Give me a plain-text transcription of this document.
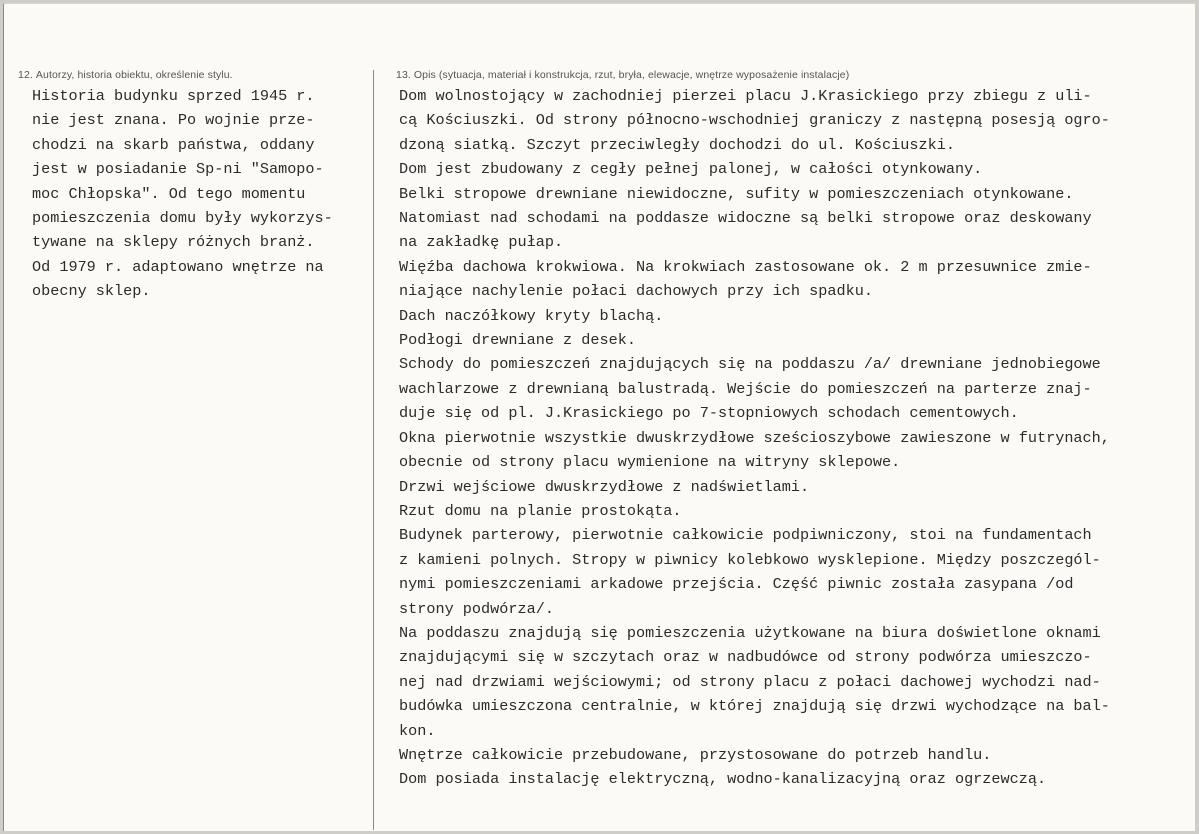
12. Autorzy, historia obiektu, określenie stylu.
Historia budynku sprzed 1945 r.
nie jest znana. Po wojnie prze-
chodzi na skarb państwa, oddany
jest w posiadanie Sp-ni "Samopo-
moc Chłopska". Od tego momentu
pomieszczenia domu były wykorzys-
tywane na sklepy różnych branż.
Od 1979 r. adaptowano wnętrze na
obecny sklep.
13. Opis (sytuacja, materiał i konstrukcja, rzut, bryła, elewacje, wnętrze wyposażenie instalacje)
Dom wolnostojący w zachodniej pierzei placu J.Krasickiego przy zbiegu z uli-
cą Kościuszki. Od strony północno-wschodniej graniczy z następną posesją ogro-
dzoną siatką. Szczyt przeciwległy dochodzi do ul. Kościuszki.
Dom jest zbudowany z cegły pełnej palonej, w całości otynkowany.
Belki stropowe drewniane niewidoczne, sufity w pomieszczeniach otynkowane.
Natomiast nad schodami na poddasze widoczne są belki stropowe oraz deskowany
na zakładkę pułap.
Więźba dachowa krokwiowa. Na krokwiach zastosowane ok. 2 m przesuwnice zmie-
niające nachylenie połaci dachowych przy ich spadku.
Dach naczółkowy kryty blachą.
Podłogi drewniane z desek.
Schody do pomieszczeń znajdujących się na poddaszu /a/ drewniane jednobiegowe
wachlarzowe z drewnianą balustradą. Wejście do pomieszczeń na parterze znaj-
duje się od pl. J.Krasickiego po 7-stopniowych schodach cementowych.
Okna pierwotnie wszystkie dwuskrzydłowe sześcioszybowe zawieszone w futrynach,
obecnie od strony placu wymienione na witryny sklepowe.
Drzwi wejściowe dwuskrzydłowe z nadświetlami.
Rzut domu na planie prostokąta.
Budynek parterowy, pierwotnie całkowicie podpiwniczony, stoi na fundamentach
z kamieni polnych. Stropy w piwnicy kolebkowo wysklepione. Między poszczegól-
nymi pomieszczeniami arkadowe przejścia. Część piwnic została zasypana /od
strony podwórza/.
Na poddaszu znajdują się pomieszczenia użytkowane na biura doświetlone oknami
znajdującymi się w szczytach oraz w nadbudówce od strony podwórza umieszczo-
nej nad drzwiami wejściowymi; od strony placu z połaci dachowej wychodzi nad-
budówka umieszczona centralnie, w której znajdują się drzwi wychodzące na bal-
kon.
Wnętrze całkowicie przebudowane, przystosowane do potrzeb handlu.
Dom posiada instalację elektryczną, wodno-kanalizacyjną oraz ogrzewczą.
